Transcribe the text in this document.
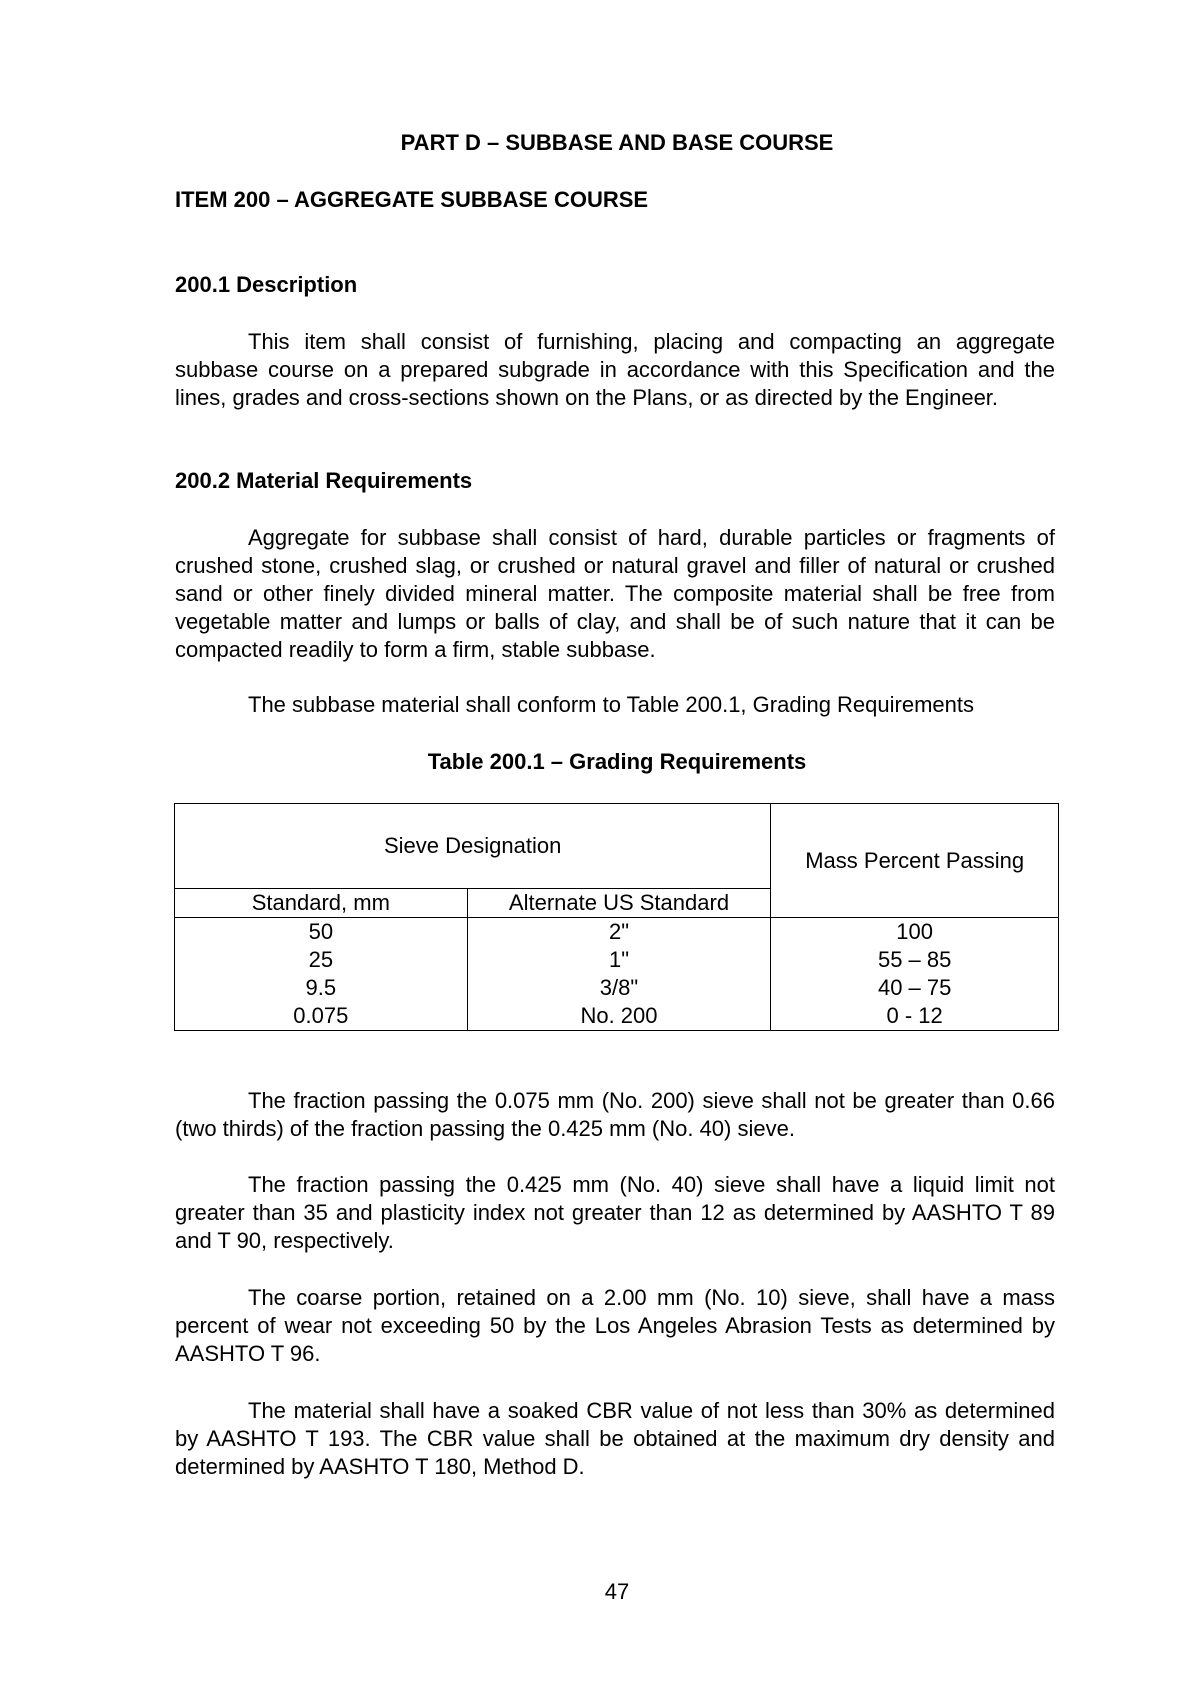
PART D – SUBBASE AND BASE COURSE
ITEM 200 – AGGREGATE SUBBASE COURSE
200.1 Description

This item shall consist of furnishing, placing and compacting an aggregate subbase course on a prepared subgrade in accordance with this Specification and the lines, grades and cross-sections shown on the Plans, or as directed by the Engineer.

200.2 Material Requirements

Aggregate for subbase shall consist of hard, durable particles or fragments of crushed stone, crushed slag, or crushed or natural gravel and filler of natural or crushed sand or other finely divided mineral matter. The composite material shall be free from vegetable matter and lumps or balls of clay, and shall be of such nature that it can be compacted readily to form a firm, stable subbase.

The subbase material shall conform to Table 200.1, Grading Requirements

Table 200.1 – Grading Requirements
Sieve Designation		Mass Percent Passing
Standard, mm	Alternate US Standard	
50	2"	100
25	1"	55 – 85
9.5	3/8"	40 – 75
0.075	No. 200	0 - 12

The fraction passing the 0.075 mm (No. 200) sieve shall not be greater than 0.66 (two thirds) of the fraction passing the 0.425 mm (No. 40) sieve.

The fraction passing the 0.425 mm (No. 40) sieve shall have a liquid limit not greater than 35 and plasticity index not greater than 12 as determined by AASHTO T 89 and T 90, respectively.

The coarse portion, retained on a 2.00 mm (No. 10) sieve, shall have a mass percent of wear not exceeding 50 by the Los Angeles Abrasion Tests as determined by AASHTO T 96.

The material shall have a soaked CBR value of not less than 30% as determined by AASHTO T 193. The CBR value shall be obtained at the maximum dry density and determined by AASHTO T 180, Method D.

47
